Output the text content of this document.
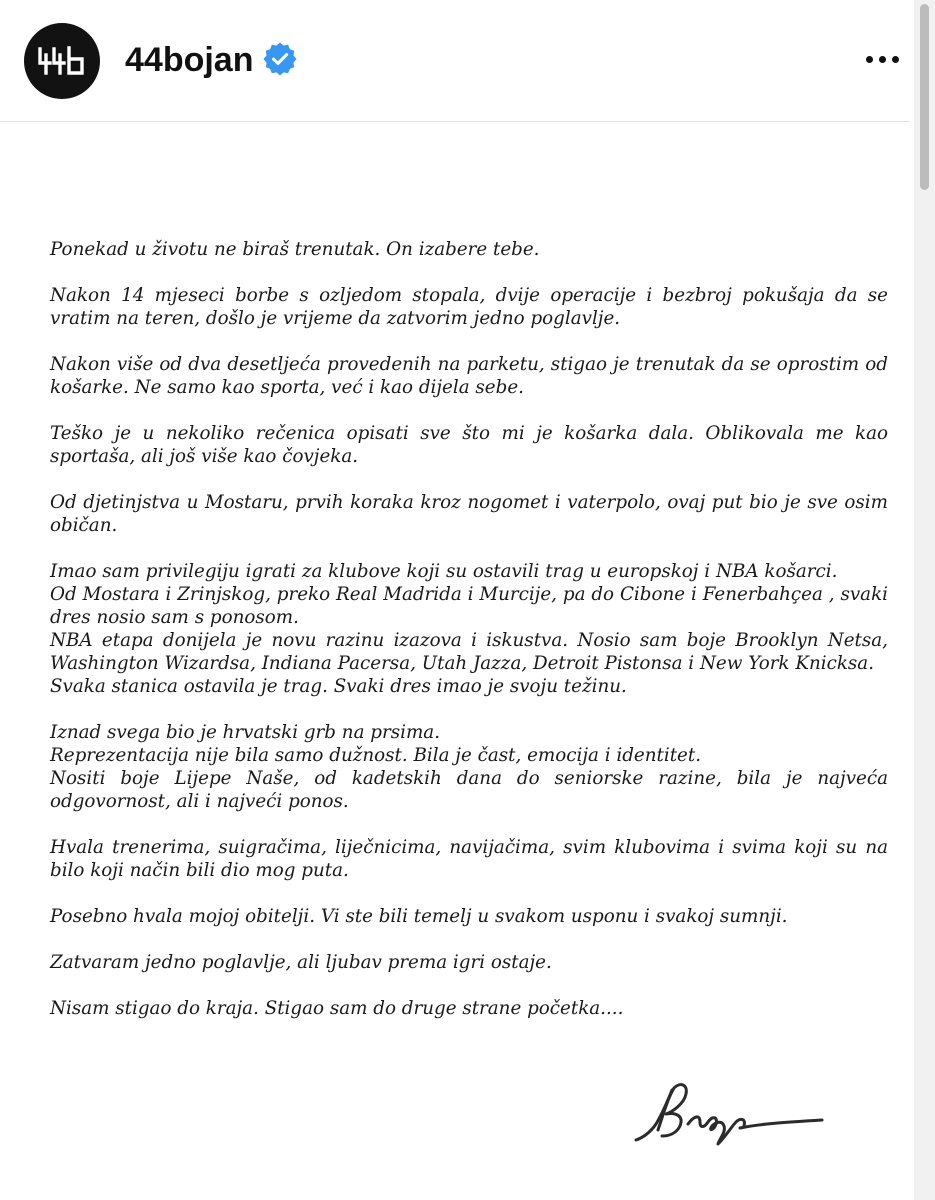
44bojan

Ponekad u životu ne biraš trenutak. On izabere tebe.

Nakon 14 mjeseci borbe s ozljedom stopala, dvije operacije i bezbroj pokušaja da se vratim na teren, došlo je vrijeme da zatvorim jedno poglavlje.

Nakon više od dva desetljeća provedenih na parketu, stigao je trenutak da se oprostim od košarke. Ne samo kao sporta, već i kao dijela sebe.

Teško je u nekoliko rečenica opisati sve što mi je košarka dala. Oblikovala me kao sportaša, ali još više kao čovjeka.

Od djetinjstva u Mostaru, prvih koraka kroz nogomet i vaterpolo, ovaj put bio je sve osim običan.

Imao sam privilegiju igrati za klubove koji su ostavili trag u europskoj i NBA košarci.
Od Mostara i Zrinjskog, preko Real Madrida i Murcije, pa do Cibone i Fenerbahçea , svaki dres nosio sam s ponosom.
NBA etapa donijela je novu razinu izazova i iskustva. Nosio sam boje Brooklyn Netsa, Washington Wizardsa, Indiana Pacersa, Utah Jazza, Detroit Pistonsa i New York Knicksa.
Svaka stanica ostavila je trag. Svaki dres imao je svoju težinu.

Iznad svega bio je hrvatski grb na prsima.
Reprezentacija nije bila samo dužnost. Bila je čast, emocija i identitet.
Nositi boje Lijepe Naše, od kadetskih dana do seniorske razine, bila je najveća odgovornost, ali i najveći ponos.

Hvala trenerima, suigračima, liječnicima, navijačima, svim klubovima i svima koji su na bilo koji način bili dio mog puta.

Posebno hvala mojoj obitelji. Vi ste bili temelj u svakom usponu i svakoj sumnji.

Zatvaram jedno poglavlje, ali ljubav prema igri ostaje.

Nisam stigao do kraja. Stigao sam do druge strane početka....
